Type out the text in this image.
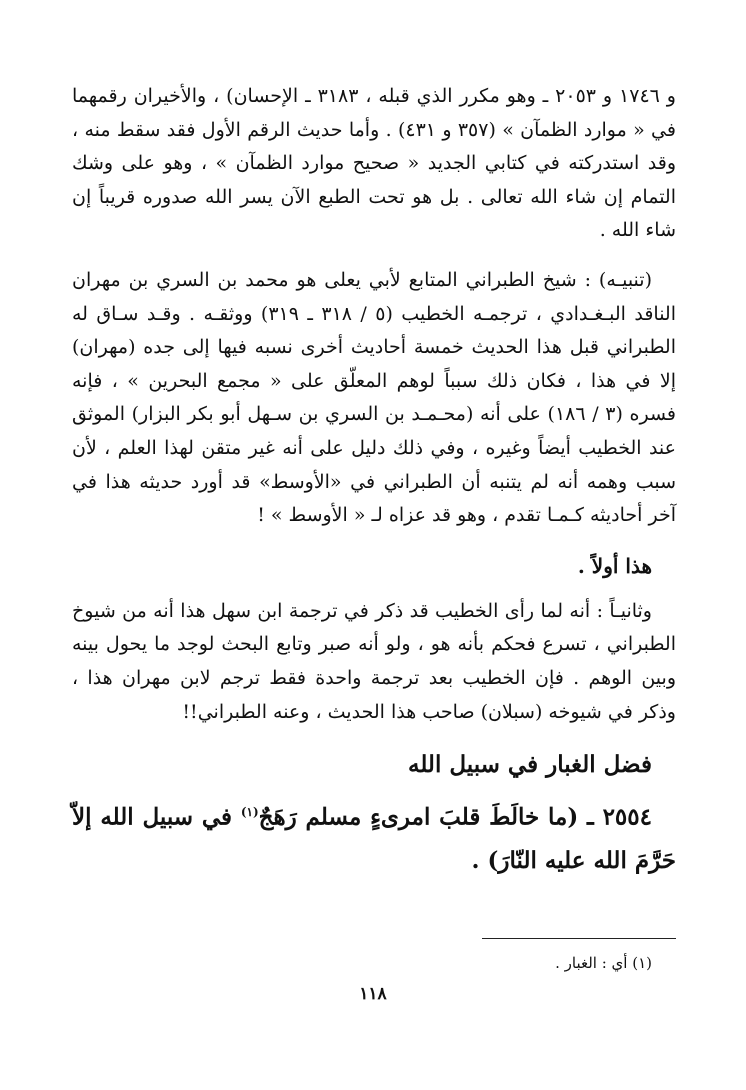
و ١٧٤٦ و ٢٠٥٣ ـ وهو مكرر الذي قبله ، ٣١٨٣ ـ الإحسان) ، والأخيران رقمهما في « موارد الظمآن » (٣٥٧ و ٤٣١) . وأما حديث الرقم الأول فقد سقط منه ، وقد استدركته في كتابي الجديد « صحيح موارد الظمآن » ، وهو على وشك التمام إن شاء الله تعالى . بل هو تحت الطبع الآن يسر الله صدوره قريباً إن شاء الله .

(تنبيـه) : شيخ الطبراني المتابع لأبي يعلى هو محمد بن السري بن مهران الناقد البـغـدادي ، ترجمـه الخطيب (٥ / ٣١٨ ـ ٣١٩) ووثقـه . وقـد سـاق له الطبراني قبل هذا الحديث خمسة أحاديث أخرى نسبه فيها إلى جده (مهران) إلا في هذا ، فكان ذلك سبباً لوهم المعلّق على « مجمع البحرين » ، فإنه فسره (٣ / ١٨٦) على أنه (محـمـد بن السري بن سـهل أبو بكر البزار) الموثق عند الخطيب أيضاً وغيره ، وفي ذلك دليل على أنه غير متقن لهذا العلم ، لأن سبب وهمه أنه لم يتنبه أن الطبراني في «الأوسط» قد أورد حديثه هذا في آخر أحاديثه كـمـا تقدم ، وهو قد عزاه لـ « الأوسط » !

هذا أولاً .

وثانيـاً : أنه لما رأى الخطيب قد ذكر في ترجمة ابن سهل هذا أنه من شيوخ الطبراني ، تسرع فحكم بأنه هو ، ولو أنه صبر وتابع البحث لوجد ما يحول بينه وبين الوهم . فإن الخطيب بعد ترجمة واحدة فقط ترجم لابن مهران هذا ، وذكر في شيوخه (سبلان) صاحب هذا الحديث ، وعنه الطبراني!!

فضل الغبار في سبيل الله

٢٥٥٤ ـ (ما خالَطَ قلبَ امرىءٍ مسلم رَهَجٌ$^{(١)}$ في سبيل الله إلاّ حَرَّمَ الله عليه النّارَ) .

(١) أي : الغبار .
١١٨
